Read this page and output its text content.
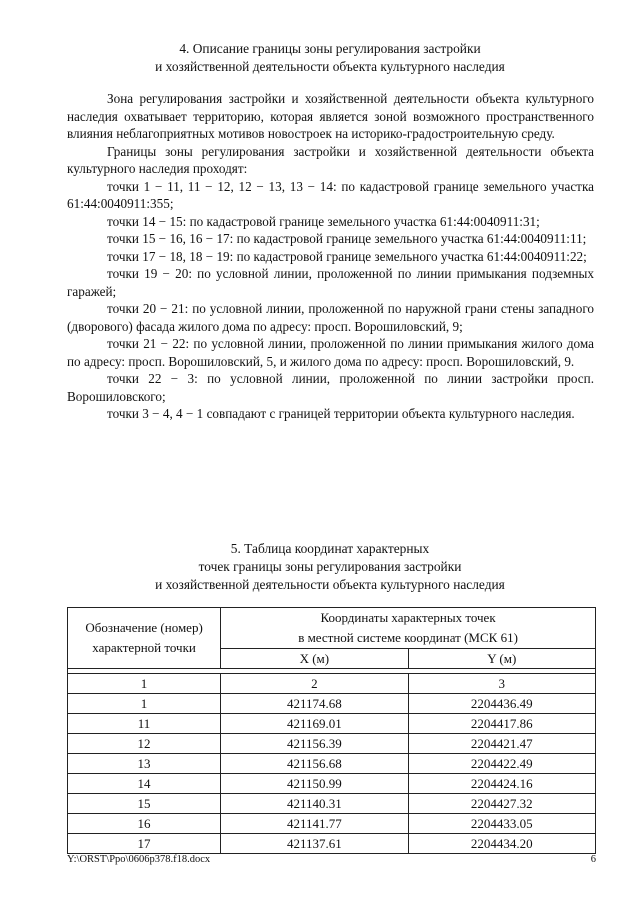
4. Описание границы зоны регулирования застройки
и хозяйственной деятельности объекта культурного наследия

Зона регулирования застройки и хозяйственной деятельности объекта культурного наследия охватывает территорию, которая является зоной возможного пространственного влияния неблагоприятных мотивов новостроек на историко-градостроительную среду.

Границы зоны регулирования застройки и хозяйственной деятельности объекта культурного наследия проходят:

точки 1 − 11, 11 − 12, 12 − 13, 13 − 14: по кадастровой границе земельного участка 61:44:0040911:355;

точки 14 − 15: по кадастровой границе земельного участка 61:44:0040911:31;

точки 15 − 16, 16 − 17: по кадастровой границе земельного участка 61:44:0040911:11;

точки 17 − 18, 18 − 19: по кадастровой границе земельного участка 61:44:0040911:22;

точки 19 − 20: по условной линии, проложенной по линии примыкания подземных гаражей;

точки 20 − 21: по условной линии, проложенной по наружной грани стены западного (дворового) фасада жилого дома по адресу: просп. Ворошиловский, 9;

точки 21 − 22: по условной линии, проложенной по линии примыкания жилого дома по адресу: просп. Ворошиловский, 5, и жилого дома по адресу: просп. Ворошиловский, 9.

точки 22 − 3: по условной линии, проложенной по линии застройки просп. Ворошиловского;

точки 3 − 4, 4 − 1 совпадают с границей территории объекта культурного наследия.

5. Таблица координат характерных
точек границы зоны регулирования застройки
и хозяйственной деятельности объекта культурного наследия
Обозначение (номер)
характерной точки	Координаты характерных точек
в местной системе координат (МСК 61)	
	X (м)	Y (м)

1	2	3
1	421174.68	2204436.49
11	421169.01	2204417.86
12	421156.39	2204421.47
13	421156.68	2204422.49
14	421150.99	2204424.16
15	421140.31	2204427.32
16	421141.77	2204433.05
17	421137.61	2204434.20
Y:\ORST\Ppo\0606p378.f18.docx	6
